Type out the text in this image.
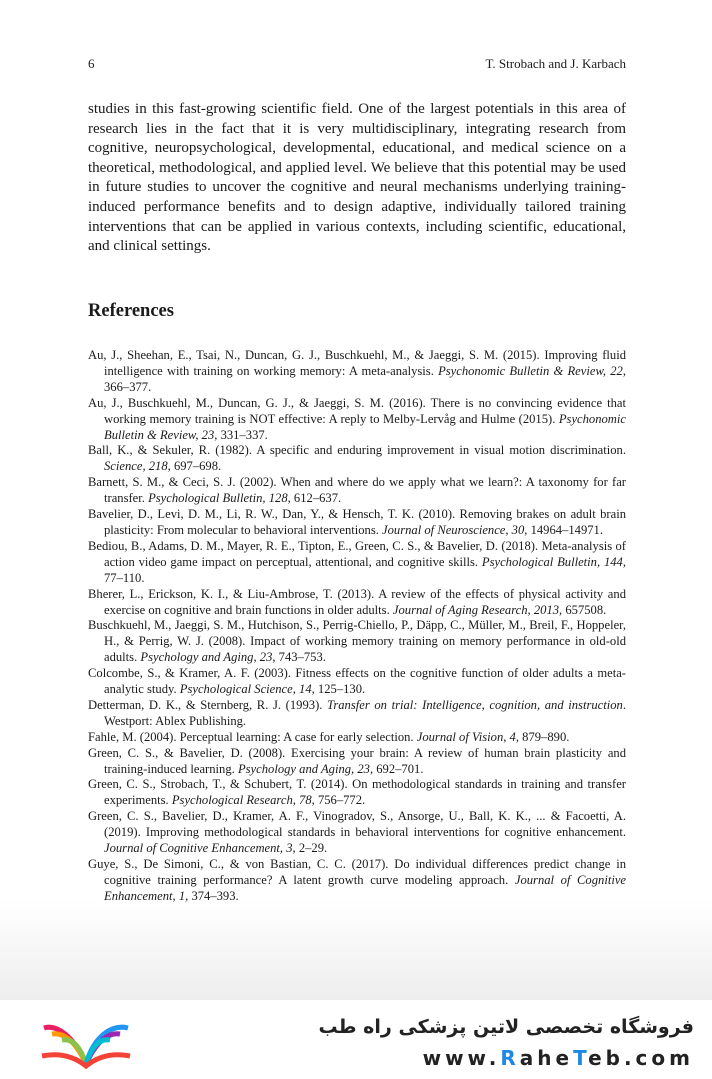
6	T. Strobach and J. Karbach

studies in this fast-growing scientific field. One of the largest potentials in this area of research lies in the fact that it is very multidisciplinary, integrating research from cognitive, neuropsychological, developmental, educational, and medical science on a theoretical, methodological, and applied level. We believe that this potential may be used in future studies to uncover the cognitive and neural mechanisms underlying training-induced performance benefits and to design adaptive, individually tailored training interventions that can be applied in various contexts, including scientific, educational, and clinical settings.

References
Au, J., Sheehan, E., Tsai, N., Duncan, G. J., Buschkuehl, M., & Jaeggi, S. M. (2015). Improving fluid intelligence with training on working memory: A meta-analysis. Psychonomic Bulletin & Review, 22, 366–377.
Au, J., Buschkuehl, M., Duncan, G. J., & Jaeggi, S. M. (2016). There is no convincing evidence that working memory training is NOT effective: A reply to Melby-Lervåg and Hulme (2015). Psychonomic Bulletin & Review, 23, 331–337.
Ball, K., & Sekuler, R. (1982). A specific and enduring improvement in visual motion discrimination. Science, 218, 697–698.
Barnett, S. M., & Ceci, S. J. (2002). When and where do we apply what we learn?: A taxonomy for far transfer. Psychological Bulletin, 128, 612–637.
Bavelier, D., Levi, D. M., Li, R. W., Dan, Y., & Hensch, T. K. (2010). Removing brakes on adult brain plasticity: From molecular to behavioral interventions. Journal of Neuroscience, 30, 14964–14971.
Bediou, B., Adams, D. M., Mayer, R. E., Tipton, E., Green, C. S., & Bavelier, D. (2018). Meta-analysis of action video game impact on perceptual, attentional, and cognitive skills. Psychological Bulletin, 144, 77–110.
Bherer, L., Erickson, K. I., & Liu-Ambrose, T. (2013). A review of the effects of physical activity and exercise on cognitive and brain functions in older adults. Journal of Aging Research, 2013, 657508.
Buschkuehl, M., Jaeggi, S. M., Hutchison, S., Perrig-Chiello, P., Däpp, C., Müller, M., Breil, F., Hoppeler, H., & Perrig, W. J. (2008). Impact of working memory training on memory performance in old-old adults. Psychology and Aging, 23, 743–753.
Colcombe, S., & Kramer, A. F. (2003). Fitness effects on the cognitive function of older adults a meta-analytic study. Psychological Science, 14, 125–130.
Detterman, D. K., & Sternberg, R. J. (1993). Transfer on trial: Intelligence, cognition, and instruction. Westport: Ablex Publishing.
Fahle, M. (2004). Perceptual learning: A case for early selection. Journal of Vision, 4, 879–890.
Green, C. S., & Bavelier, D. (2008). Exercising your brain: A review of human brain plasticity and training-induced learning. Psychology and Aging, 23, 692–701.
Green, C. S., Strobach, T., & Schubert, T. (2014). On methodological standards in training and transfer experiments. Psychological Research, 78, 756–772.
Green, C. S., Bavelier, D., Kramer, A. F., Vinogradov, S., Ansorge, U., Ball, K. K., ... & Facoetti, A. (2019). Improving methodological standards in behavioral interventions for cognitive enhancement. Journal of Cognitive Enhancement, 3, 2–29.
Guye, S., De Simoni, C., & von Bastian, C. C. (2017). Do individual differences predict change in cognitive training performance? A latent growth curve modeling approach. Journal of Cognitive Enhancement, 1, 374–393.
فروشگاه تخصصی لاتین پزشکی راه طب
www.RaheTeb.com
